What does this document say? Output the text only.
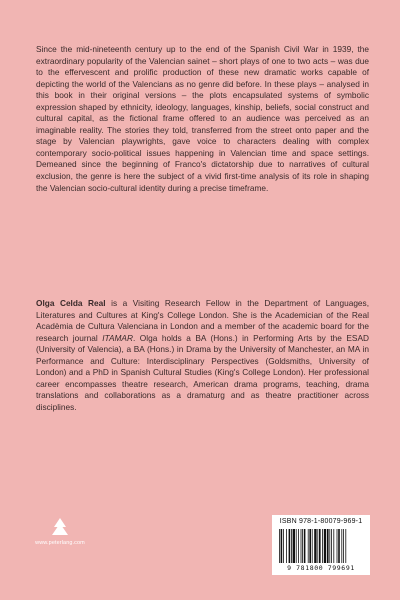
Since the mid-nineteenth century up to the end of the Spanish Civil War in 1939, the extraordinary popularity of the Valencian sainet – short plays of one to two acts – was due to the effervescent and prolific production of these new dramatic works capable of depicting the world of the Valencians as no genre did before. In these plays – analysed in this book in their original versions – the plots encapsulated systems of symbolic expression shaped by ethnicity, ideology, languages, kinship, beliefs, social construct and cultural capital, as the fictional frame offered to an audience was perceived as an imaginable reality. The stories they told, transferred from the street onto paper and the stage by Valencian playwrights, gave voice to characters dealing with complex contemporary socio-political issues happening in Valencian time and space settings. Demeaned since the beginning of Franco's dictatorship due to narratives of cultural exclusion, the genre is here the subject of a vivid first-time analysis of its role in shaping the Valencian socio-cultural identity during a precise timeframe.

Olga Celda Real is a Visiting Research Fellow in the Department of Languages, Literatures and Cultures at King's College London. She is the Academician of the Real Acadèmia de Cultura Valenciana in London and a member of the academic board for the research journal ITAMAR. Olga holds a BA (Hons.) in Performing Arts by the ESAD (University of Valencia), a BA (Hons.) in Drama by the University of Manchester, an MA in Performance and Culture: Interdisciplinary Perspectives (Goldsmiths, University of London) and a PhD in Spanish Cultural Studies (King's College London). Her professional career encompasses theatre research, American drama programs, teaching, drama translations and collaborations as a dramaturg and as theatre practitioner across disciplines.

www.peterlang.com
ISBN 978-1-80079-969-1
9 781800 799691
